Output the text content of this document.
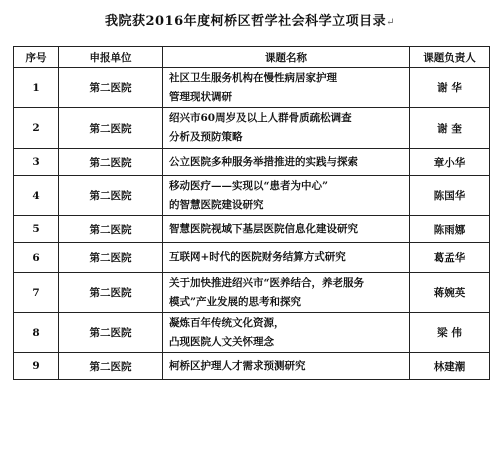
我院获2016年度柯桥区哲学社会科学立项目录↵
序号	申报单位	课题名称	课题负责人
1	第二医院	社区卫生服务机构在慢性病居家护理
管理现状调研	谢 华
2	第二医院	绍兴市60周岁及以上人群骨质疏松调查
分析及预防策略	谢 奎
3	第二医院	公立医院多种服务举措推进的实践与探索	章小华
4	第二医院	移动医疗——实现以“患者为中心”
的智慧医院建设研究	陈国华
5	第二医院	智慧医院视域下基层医院信息化建设研究	陈雨娜
6	第二医院	互联网+时代的医院财务结算方式研究	葛孟华
7	第二医院	关于加快推进绍兴市“医养结合，养老服务
模式”产业发展的思考和探究	蒋婉英
8	第二医院	凝炼百年传统文化资源，
凸现医院人文关怀理念	梁 伟
9	第二医院	柯桥区护理人才需求预测研究	林建潮
